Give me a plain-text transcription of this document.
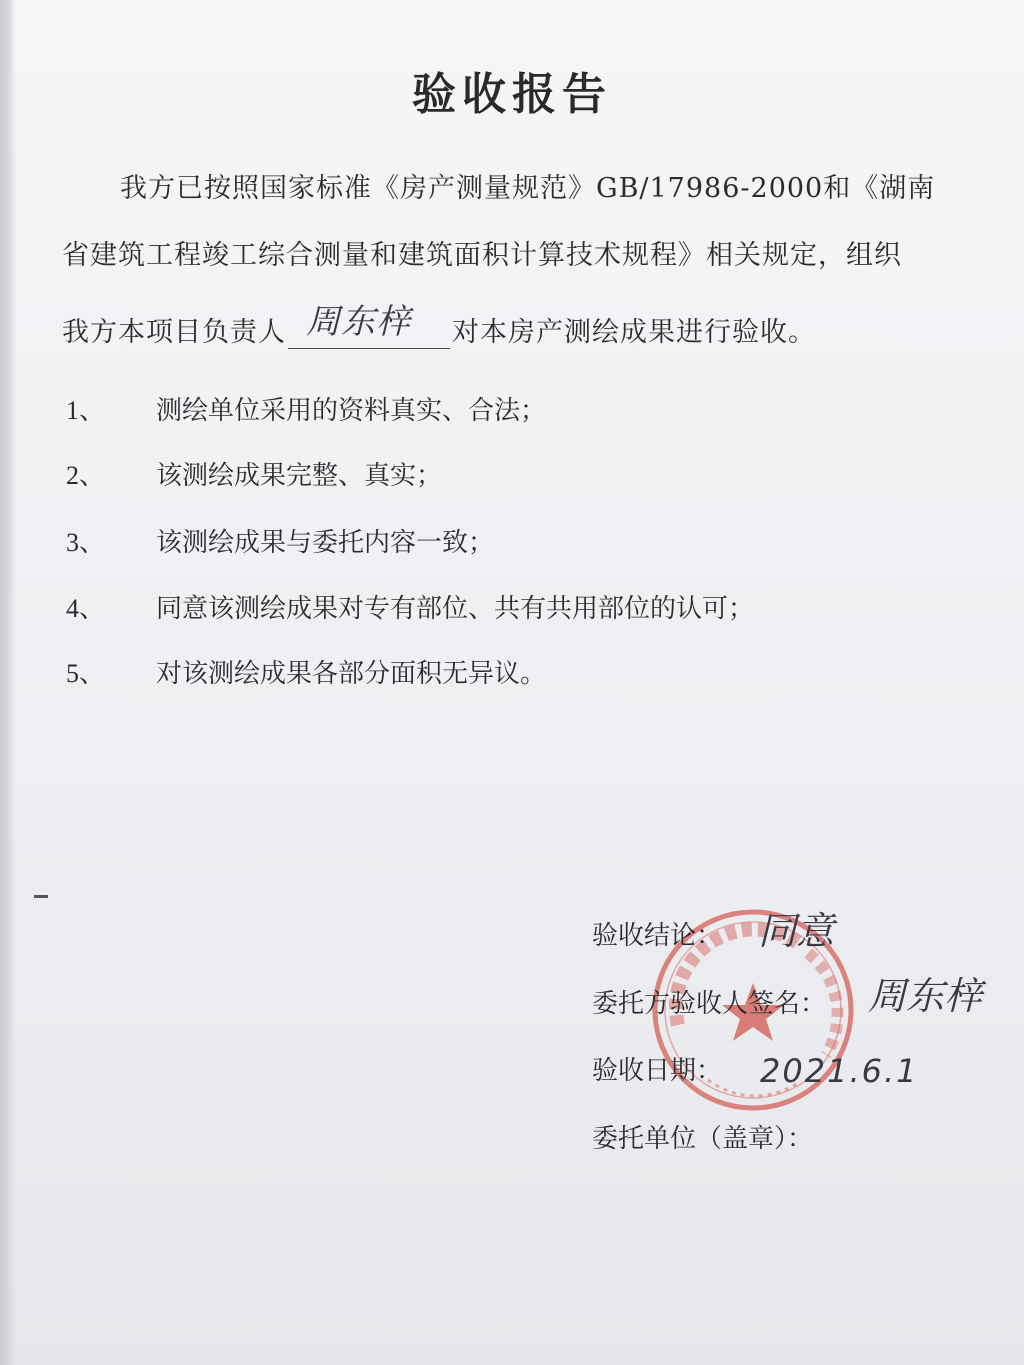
验收报告
我方已按照国家标准《房产测量规范》GB/17986-2000和《湖南
省建筑工程竣工综合测量和建筑面积计算技术规程》相关规定，组织
我方本项目负责人 周东梓 对本房产测绘成果进行验收。
1、	测绘单位采用的资料真实、合法；
2、	该测绘成果完整、真实；
3、	该测绘成果与委托内容一致；
4、	同意该测绘成果对专有部位、共有共用部位的认可；
5、	对该测绘成果各部分面积无异议。
验收结论： 同意
委托方验收人签名： 周东梓
验收日期： 2021.6.1
委托单位（盖章）：
